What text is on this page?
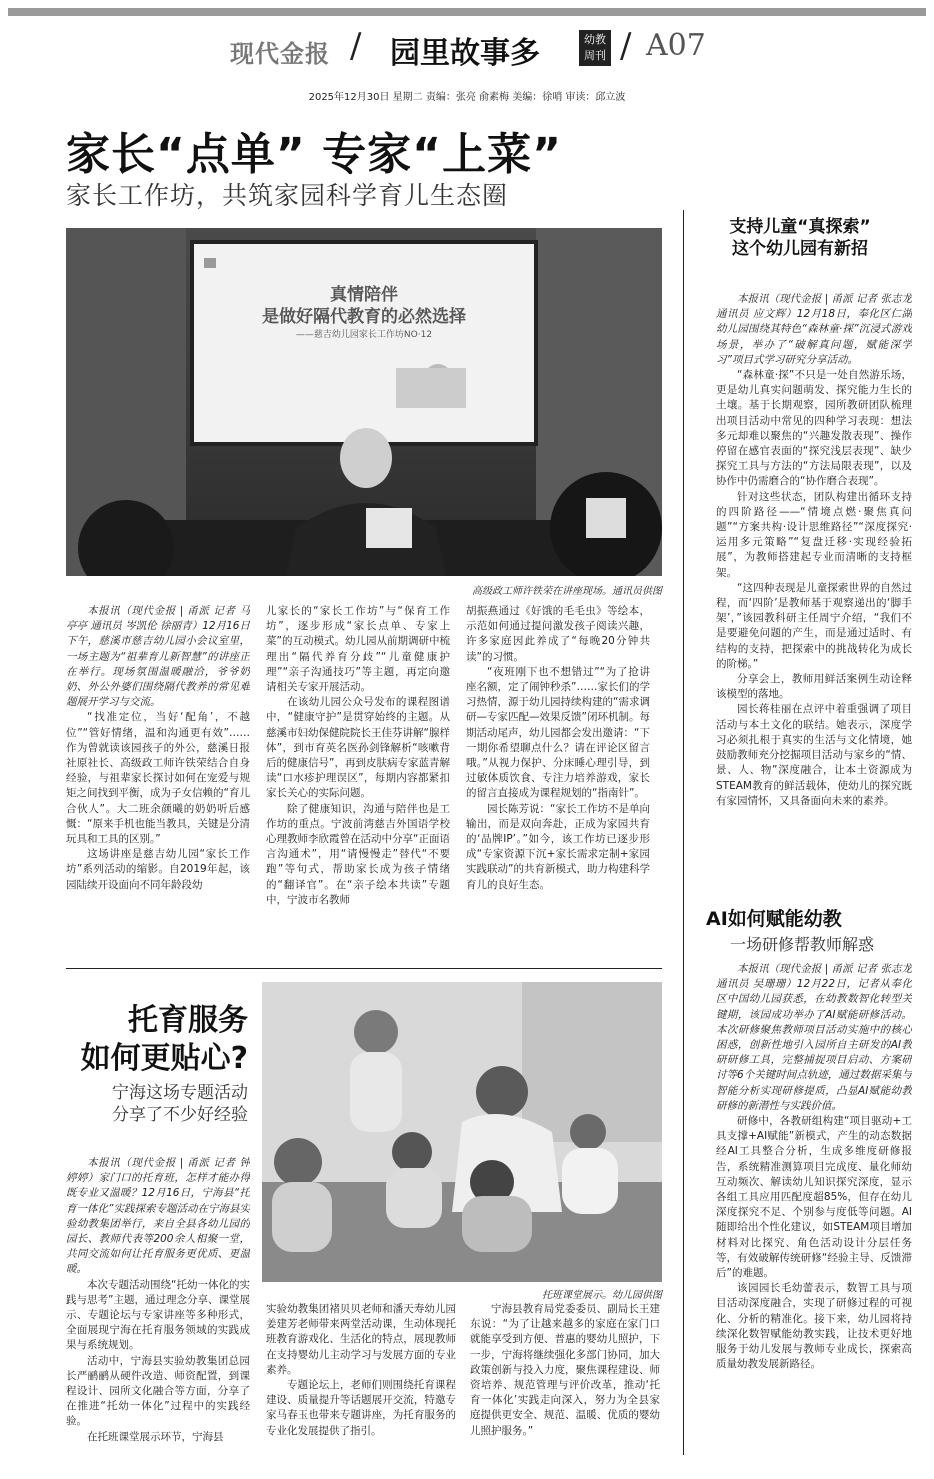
现代金报 / 园里故事多	幼教
周刊 / A07
2025年12月30日 星期二 责编：张亮 俞素梅 美编：徐哨 审读：邱立波
家长“点单” 专家“上菜”
家长工作坊，共筑家园科学育儿生态圈
真情陪伴
是做好隔代教育的必然选择
——慈吉幼儿园家长工作坊NO·12
高级政工师许铁荣在讲座现场。通讯员供图

本报讯（现代金报 | 甬派 记者 马亭亭 通讯员 岑凯伦 徐丽青）12月16日下午，慈溪市慈吉幼儿园小会议室里，一场主题为“祖辈育儿新智慧”的讲座正在举行。现场氛围温暖融洽，爷爷奶奶、外公外婆们围绕隔代教养的常见难题展开学习与交流。

“找准定位，当好‘配角’，不越位”“管好情绪，温和沟通更有效”……作为曾就读该园孩子的外公，慈溪日报社原社长、高级政工师许铁荣结合自身经验，与祖辈家长探讨如何在宠爱与规矩之间找到平衡，成为子女信赖的“育儿合伙人”。大二班余颜曦的奶奶听后感慨：“原来手机也能当教具，关键是分清玩具和工具的区别。”

这场讲座是慈吉幼儿园“家长工作坊”系列活动的缩影。自2019年起，该园陆续开设面向不同年龄段幼

儿家长的“家长工作坊”与“保育工作坊”，逐步形成“家长点单、专家上菜”的互动模式。幼儿园从前期调研中梳理出“隔代养育分歧”“儿童健康护理”“亲子沟通技巧”等主题，再定向邀请相关专家开展活动。

在该幼儿园公众号发布的课程图谱中，“健康守护”是贯穿始终的主题。从慈溪市妇幼保健院院长王佳芬讲解“腺样体”，到市育英名医孙剑锋解析“咳嗽背后的健康信号”，再到皮肤病专家蓝青解读“口水疹护理误区”，每期内容都紧扣家长关心的实际问题。

除了健康知识，沟通与陪伴也是工作坊的重点。宁波前湾慈吉外国语学校心理教师李欣霞曾在活动中分享“正面语言沟通术”，用“请慢慢走”替代“不要跑”等句式，帮助家长成为孩子情绪的“翻译官”。在“亲子绘本共读”专题中，宁波市名教师

胡振燕通过《好饿的毛毛虫》等绘本，示范如何通过提问激发孩子阅读兴趣，许多家庭因此养成了“每晚20分钟共读”的习惯。

“夜班刚下也不想错过”“为了抢讲座名额，定了闹钟秒杀”……家长们的学习热情，源于幼儿园持续构建的“需求调研—专家匹配—效果反馈”闭环机制。每期活动尾声，幼儿园都会发出邀请：“下一期你希望聊点什么？请在评论区留言哦。”从视力保护、分床睡心理引导，到过敏体质饮食、专注力培养游戏，家长的留言直接成为课程规划的“指南针”。

园长陈芳说：“家长工作坊不是单向输出，而是双向奔赴，正成为家园共育的‘品牌IP’。”如今，该工作坊已逐步形成“专家资源下沉+家长需求定制+家园实践联动”的共育新模式，助力构建科学育儿的良好生态。

支持儿童“真探索”
这个幼儿园有新招

本报讯（现代金报 | 甬派 记者 张志龙 通讯员 应文辉）12月18日，奉化区仁湖幼儿园围绕其特色“森林童·探”沉浸式游戏场景，举办了“破解真问题，赋能深学习”项目式学习研究分享活动。

“森林童·探”不只是一处自然游乐场，更是幼儿真实问题萌发、探究能力生长的土壤。基于长期观察，园所教研团队梳理出项目活动中常见的四种学习表现：想法多元却难以聚焦的“兴趣发散表现”、操作停留在感官表面的“探究浅层表现”、缺少探究工具与方法的“方法局限表现”，以及协作中仍需磨合的“协作磨合表现”。

针对这些状态，团队构建出循环支持的四阶路径——“情境点燃·聚焦真问题”“方案共构·设计思维路径”“深度探究·运用多元策略”“复盘迁移·实现经验拓展”，为教师搭建起专业而清晰的支持框架。

“这四种表现是儿童探索世界的自然过程，而‘四阶’是教师基于观察递出的‘脚手架’，”该园教科研主任周宁介绍，“我们不是要避免问题的产生，而是通过适时、有结构的支持，把探索中的挑战转化为成长的阶梯。”

分享会上，教师用鲜活案例生动诠释该模型的落地。

园长蒋桂丽在点评中着重强调了项目活动与本土文化的联结。她表示，深度学习必须扎根于真实的生活与文化情境，她鼓励教师充分挖掘项目活动与家乡的“情、景、人、物”深度融合，让本土资源成为STEAM教育的鲜活载体，使幼儿的探究既有家园情怀，又具备面向未来的素养。

AI如何赋能幼教
一场研修帮教师解惑

本报讯（现代金报 | 甬派 记者 张志龙 通讯员 吴珊珊）12月22日，记者从奉化区中国幼儿园获悉，在幼教数智化转型关键期，该园成功举办了AI赋能研修活动。本次研修聚焦教师项目活动实施中的核心困惑，创新性地引入园所自主研发的AI教研研修工具，完整捕捉项目启动、方案研讨等6个关键时间点轨迹，通过数据采集与智能分析实现研修提质，凸显AI赋能幼教研修的新潜性与实践价值。

研修中，各教研组构建“项目驱动+工具支撑+AI赋能”新模式，产生的动态数据经AI工具整合分析，生成多维度研修报告，系统精准测算项目完成度、量化师幼互动频次、解读幼儿知识探究深度，显示各组工具应用匹配度超85%，但存在幼儿深度探究不足、个别参与度低等问题。AI随即给出个性化建议，如STEAM项目增加材料对比探究、角色活动设计分层任务等，有效破解传统研修“经验主导、反馈滞后”的难题。

该园园长毛幼蕾表示，数智工具与项目活动深度融合，实现了研修过程的可视化、分析的精准化。接下来，幼儿园将持续深化数智赋能幼教实践，让技术更好地服务于幼儿发展与教师专业成长，探索高质量幼教发展新路径。

托育服务
如何更贴心?
宁海这场专题活动
分享了不少好经验
托班课堂展示。幼儿园供图

本报讯（现代金报 | 甬派 记者 钟婷婷）家门口的托育班，怎样才能办得既专业又温暖？12月16日，宁海县“托育一体化”实践探索专题活动在宁海县实验幼教集团举行，来自全县各幼儿园的园长、教师代表等200余人相聚一堂，共同交流如何让托育服务更优质、更温暖。

本次专题活动围绕“托幼一体化的实践与思考”主题，通过理念分享、课堂展示、专题论坛与专家讲座等多种形式，全面展现宁海在托育服务领域的实践成果与系统规划。

活动中，宁海县实验幼教集团总园长严鹂鹂从硬件改造、师资配置，到课程设计、园所文化融合等方面，分享了在推进“托幼一体化”过程中的实践经验。

在托班课堂展示环节，宁海县

实验幼教集团褚贝贝老师和潘天寿幼儿园姜建芳老师带来两堂活动课，生动体现托班教育游戏化、生活化的特点，展现教师在支持婴幼儿主动学习与发展方面的专业素养。

专题论坛上，老师们则围绕托育课程建设、质量提升等话题展开交流，特邀专家马春玉也带来专题讲座，为托育服务的专业化发展提供了指引。

宁海县教育局党委委员、副局长王建东说：“为了让越来越多的家庭在家门口就能享受到方便、普惠的婴幼儿照护，下一步，宁海将继续强化多部门协同，加大政策创新与投入力度，聚焦课程建设、师资培养、规范管理与评价改革，推动‘托育一体化’实践走向深入，努力为全县家庭提供更安全、规范、温暖、优质的婴幼儿照护服务。”
